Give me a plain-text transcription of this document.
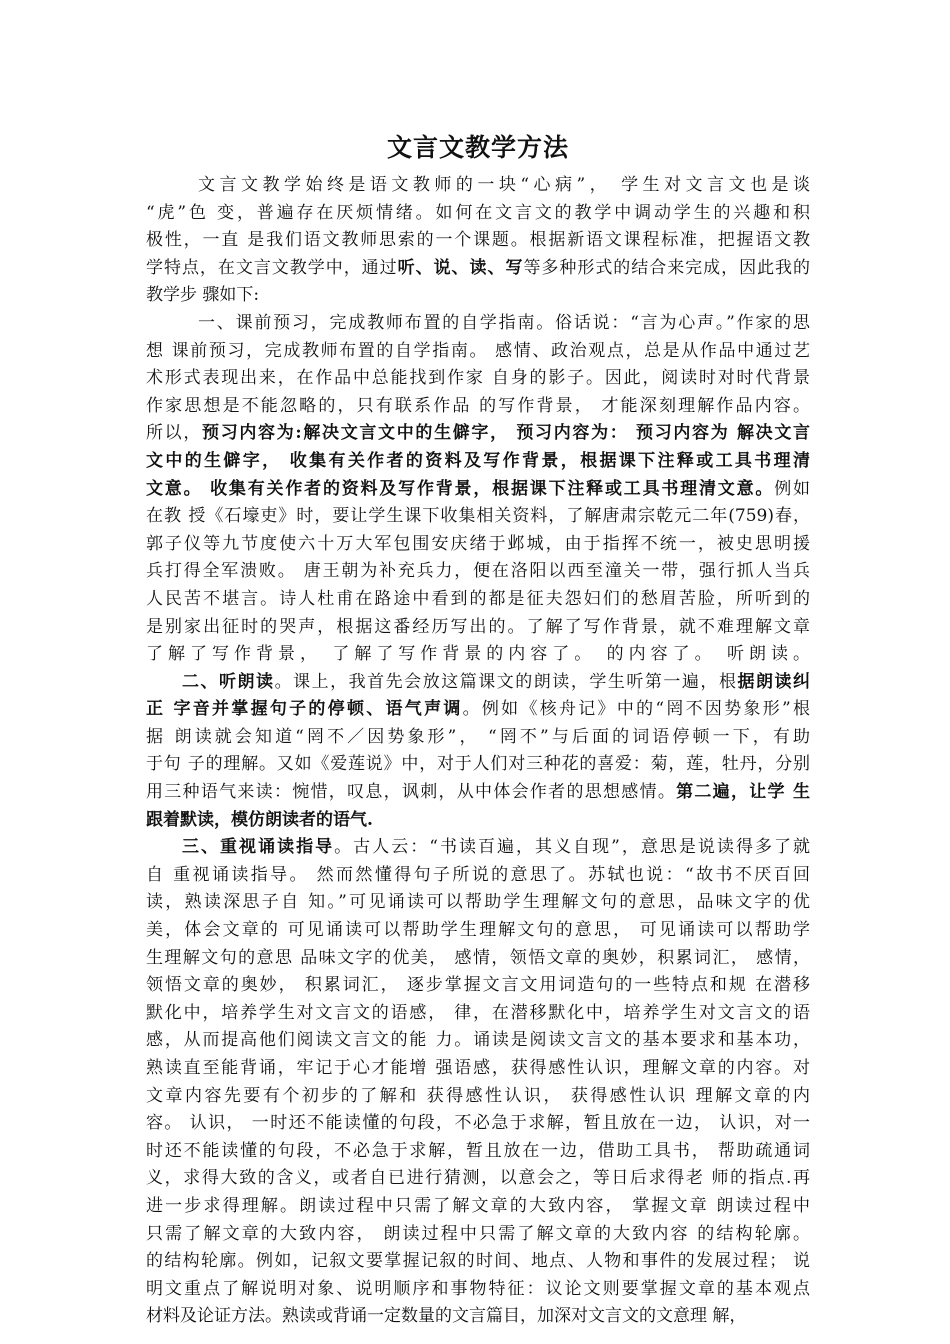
文言文教学方法
文言文教学始终是语文教师的一块“心病”， 学生对文言文也是谈
“虎”色 变，普遍存在厌烦情绪。如何在文言文的教学中调动学生的兴趣和积
极性，一直 是我们语文教师思索的一个课题。根据新语文课程标准，把握语文教
学特点，在文言文教学中，通过听、说、读、写等多种形式的结合来完成，因此我的
教学步 骤如下:
一、课前预习，完成教师布置的自学指南。俗话说：“言为心声。”作家的思
想 课前预习，完成教师布置的自学指南。 感情、政治观点，总是从作品中通过艺
术形式表现出来，在作品中总能找到作家 自身的影子。因此，阅读时对时代背景
作家思想是不能忽略的，只有联系作品 的写作背景， 才能深刻理解作品内容。
所以，预习内容为:解决文言文中的生僻字， 预习内容为： 预习内容为 解决文言
文中的生僻字， 收集有关作者的资料及写作背景，根据课下注释或工具书理清
文意。 收集有关作者的资料及写作背景，根据课下注释或工具书理清文意。例如
在教 授《石壕吏》时，要让学生课下收集相关资料，了解唐肃宗乾元二年(759)春，
郭子仪等九节度使六十万大军包围安庆绪于邺城，由于指挥不统一，被史思明援
兵打得全军溃败。 唐王朝为补充兵力，便在洛阳以西至潼关一带，强行抓人当兵
人民苦不堪言。诗人杜甫在路途中看到的都是征夫怨妇们的愁眉苦脸，所听到的
是别家出征时的哭声，根据这番经历写出的。了解了写作背景，就不难理解文章
了解了写作背景， 了解了写作背景的内容了。 的内容了。 听朗读。
二、听朗读。课上，我首先会放这篇课文的朗读，学生听第一遍，根据朗读纠
正 字音并掌握句子的停顿、语气声调。例如《核舟记》中的“罔不因势象形”根
据 朗读就会知道“罔不／因势象形”， “罔不”与后面的词语停顿一下，有助
于句 子的理解。又如《爱莲说》中，对于人们对三种花的喜爱：菊，莲，牡丹，分别
用三种语气来读：惋惜，叹息，讽刺，从中体会作者的思想感情。第二遍，让学 生
跟着默读，模仿朗读者的语气.
三、重视诵读指导。古人云：“书读百遍，其义自现”，意思是说读得多了就
自 重视诵读指导。 然而然懂得句子所说的意思了。苏轼也说：“故书不厌百回
读，熟读深思子自 知。”可见诵读可以帮助学生理解文句的意思，品味文字的优
美，体会文章的 可见诵读可以帮助学生理解文句的意思， 可见诵读可以帮助学
生理解文句的意思 品味文字的优美， 感情，领悟文章的奥妙，积累词汇， 感情，
领悟文章的奥妙， 积累词汇， 逐步掌握文言文用词造句的一些特点和规 在潜移
默化中，培养学生对文言文的语感， 律，在潜移默化中，培养学生对文言文的语
感，从而提高他们阅读文言文的能 力。诵读是阅读文言文的基本要求和基本功，
熟读直至能背诵，牢记于心才能增 强语感，获得感性认识，理解文章的内容。对
文章内容先要有个初步的了解和 获得感性认识， 获得感性认识 理解文章的内
容。 认识， 一时还不能读懂的句段，不必急于求解，暂且放在一边， 认识，对一
时还不能读懂的句段，不必急于求解，暂且放在一边，借助工具书， 帮助疏通词
义，求得大致的含义，或者自已进行猜测，以意会之，等日后求得老 师的指点.再
进一步求得理解。朗读过程中只需了解文章的大致内容， 掌握文章 朗读过程中
只需了解文章的大致内容， 朗读过程中只需了解文章的大致内容 的结构轮廓。
的结构轮廓。例如，记叙文要掌握记叙的时间、地点、人物和事件的发展过程； 说
明文重点了解说明对象、说明顺序和事物特征：议论文则要掌握文章的基本观点
材料及论证方法。熟读或背诵一定数量的文言篇目，加深对文言文的文意理 解，
